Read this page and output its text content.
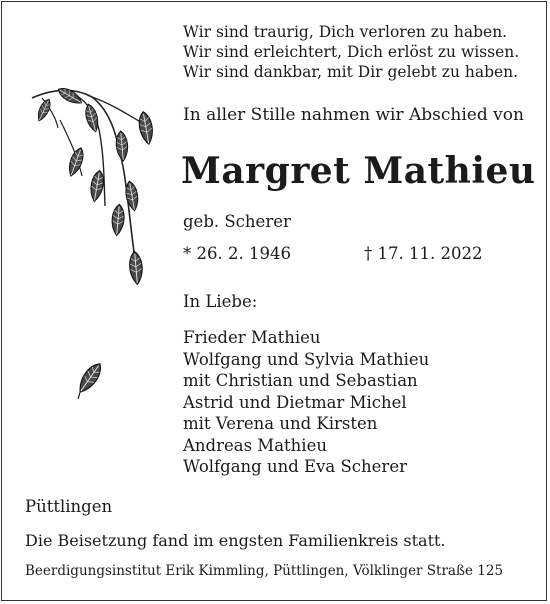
Wir sind traurig, Dich verloren zu haben.
Wir sind erleichtert, Dich erlöst zu wissen.
Wir sind dankbar, mit Dir gelebt zu haben.
In aller Stille nahmen wir Abschied von
Margret Mathieu
geb. Scherer
* 26. 2. 1946	† 17. 11. 2022
In Liebe:
Frieder Mathieu
Wolfgang und Sylvia Mathieu
mit Christian und Sebastian
Astrid und Dietmar Michel
mit Verena und Kirsten
Andreas Mathieu
Wolfgang und Eva Scherer
Püttlingen
Die Beisetzung fand im engsten Familienkreis statt.
Beerdigungsinstitut Erik Kimmling, Püttlingen, Völklinger Straße 125
